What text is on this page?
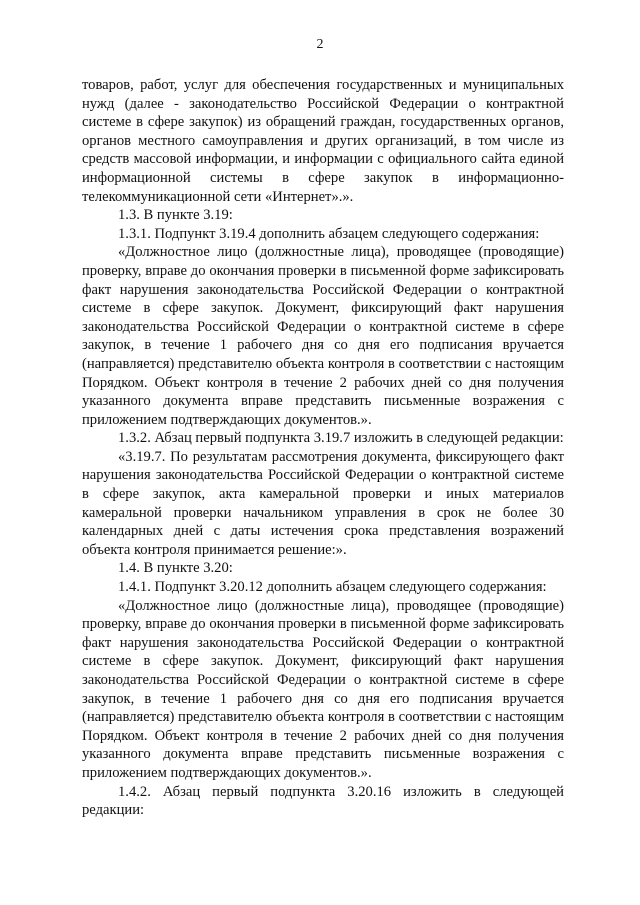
2

товаров, работ, услуг для обеспечения государственных и муниципальных нужд (далее - законодательство Российской Федерации о контрактной системе в сфере закупок) из обращений граждан, государственных органов, органов местного самоуправления и других организаций, в том числе из средств массовой информации, и информации с официального сайта единой информационной системы в сфере закупок в информационно-телекоммуникационной сети «Интернет».».

1.3. В пункте 3.19:

1.3.1. Подпункт 3.19.4 дополнить абзацем следующего содержания:

«Должностное лицо (должностные лица), проводящее (проводящие) проверку, вправе до окончания проверки в письменной форме зафиксировать факт нарушения законодательства Российской Федерации о контрактной системе в сфере закупок. Документ, фиксирующий факт нарушения законодательства Российской Федерации о контрактной системе в сфере закупок, в течение 1 рабочего дня со дня его подписания вручается (направляется) представителю объекта контроля в соответствии с настоящим Порядком. Объект контроля в течение 2 рабочих дней со дня получения указанного документа вправе представить письменные возражения с приложением подтверждающих документов.».

1.3.2. Абзац первый подпункта 3.19.7 изложить в следующей редакции:

«3.19.7. По результатам рассмотрения документа, фиксирующего факт нарушения законодательства Российской Федерации о контрактной системе в сфере закупок, акта камеральной проверки и иных материалов камеральной проверки начальником управления в срок не более 30 календарных дней с даты истечения срока представления возражений объекта контроля принимается решение:».

1.4. В пункте 3.20:

1.4.1. Подпункт 3.20.12 дополнить абзацем следующего содержания:

«Должностное лицо (должностные лица), проводящее (проводящие) проверку, вправе до окончания проверки в письменной форме зафиксировать факт нарушения законодательства Российской Федерации о контрактной системе в сфере закупок. Документ, фиксирующий факт нарушения законодательства Российской Федерации о контрактной системе в сфере закупок, в течение 1 рабочего дня со дня его подписания вручается (направляется) представителю объекта контроля в соответствии с настоящим Порядком. Объект контроля в течение 2 рабочих дней со дня получения указанного документа вправе представить письменные возражения с приложением подтверждающих документов.».

1.4.2. Абзац первый подпункта 3.20.16 изложить в следующей редакции:
